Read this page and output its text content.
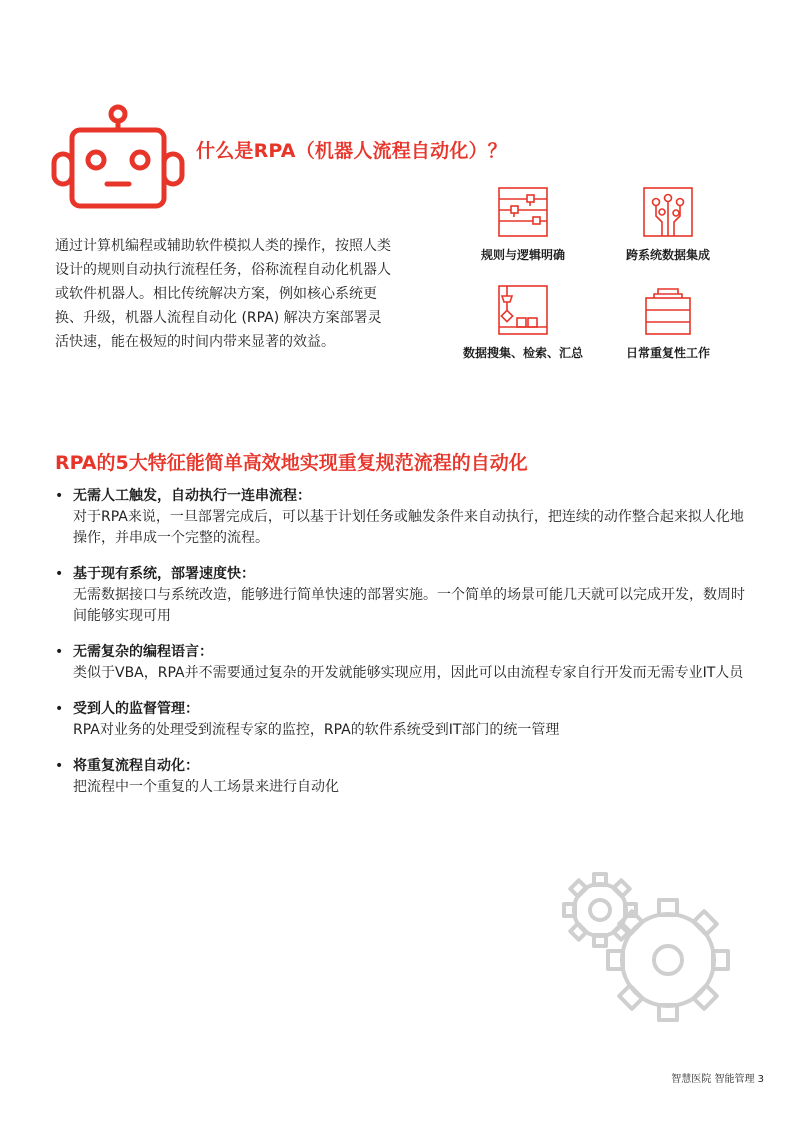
什么是RPA（机器人流程自动化）？

通过计算机编程或辅助软件模拟人类的操作，按照人类设计的规则自动执行流程任务，俗称流程自动化机器人或软件机器人。相比传统解决方案，例如核心系统更换、升级，机器人流程自动化 (RPA) 解决方案部署灵活快速，能在极短的时间内带来显著的效益。

规则与逻辑明确	跨系统数据集成
数据搜集、检索、汇总	日常重复性工作
RPA的5大特征能简单高效地实现重复规范流程的自动化
• 无需人工触发，自动执行一连串流程：
对于RPA来说，一旦部署完成后，可以基于计划任务或触发条件来自动执行，把连续的动作整合起来拟人化地操作，并串成一个完整的流程。
• 基于现有系统，部署速度快：
无需数据接口与系统改造，能够进行简单快速的部署实施。一个简单的场景可能几天就可以完成开发，数周时间能够实现可用
• 无需复杂的编程语言：
类似于VBA，RPA并不需要通过复杂的开发就能够实现应用，因此可以由流程专家自行开发而无需专业IT人员
• 受到人的监督管理：
RPA对业务的处理受到流程专家的监控，RPA的软件系统受到IT部门的统一管理
• 将重复流程自动化：
把流程中一个重复的人工场景来进行自动化
智慧医院 智能管理 3
